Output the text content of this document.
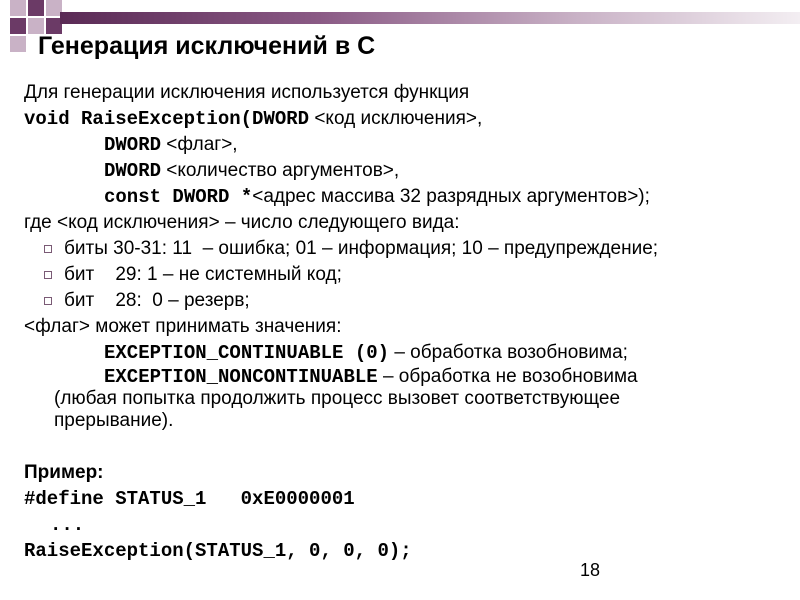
Генерация исключений в С
Для генерации исключения используется функция
void RaiseException(DWORD <код исключения>,
DWORD <флаг>,
DWORD <количество аргументов>,
const DWORD *<адрес массива 32 разрядных аргументов>);
где <код исключения> – число следующего вида:
биты 30-31: 11  – ошибка; 01 – информация; 10 – предупреждение;
бит    29: 1 – не системный код;
бит    28:  0 – резерв;
<флаг> может принимать значения:
EXCEPTION_CONTINUABLE (0) – обработка возобновима;
EXCEPTION_NONCONTINUABLE – обработка не возобновима
(любая попытка продолжить процесс вызовет соответствующее прерывание).
Пример:
#define STATUS_1   0xE0000001
...
RaiseException(STATUS_1, 0, 0, 0);
18
